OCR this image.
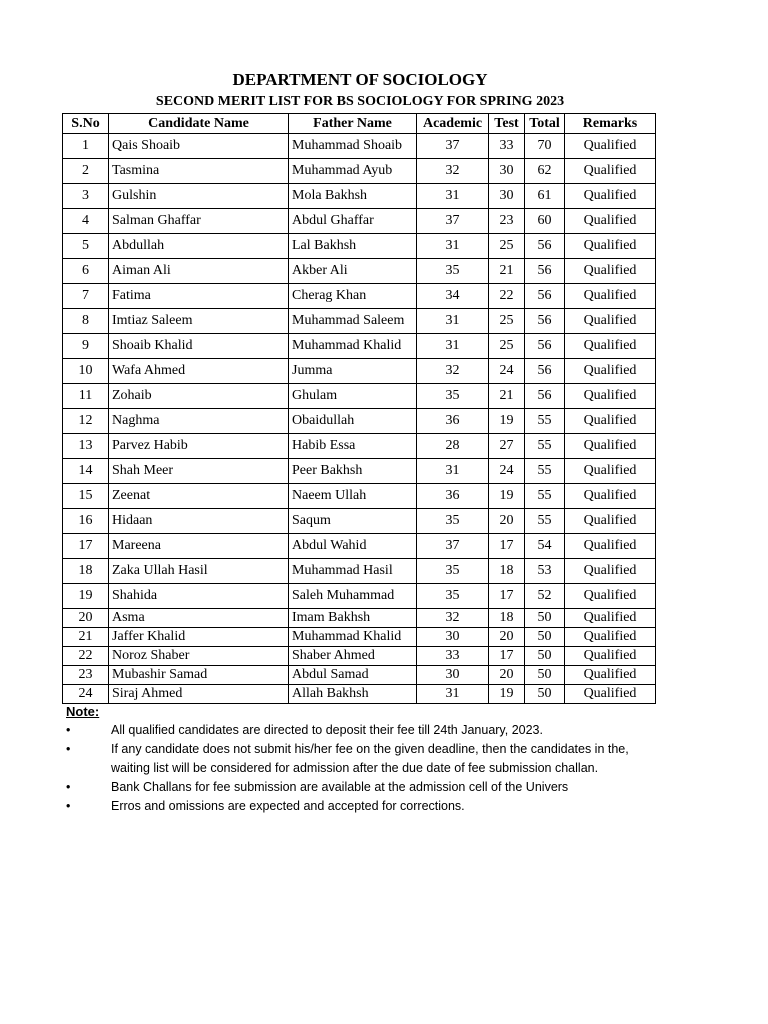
DEPARTMENT OF SOCIOLOGY
SECOND MERIT LIST FOR BS SOCIOLOGY FOR SPRING 2023
S.No	Candidate Name	Father Name	Academic	Test	Total	Remarks
1	Qais Shoaib	Muhammad Shoaib	37	33	70	Qualified
2	Tasmina	Muhammad Ayub	32	30	62	Qualified
3	Gulshin	Mola Bakhsh	31	30	61	Qualified
4	Salman Ghaffar	Abdul Ghaffar	37	23	60	Qualified
5	Abdullah	Lal Bakhsh	31	25	56	Qualified
6	Aiman Ali	Akber Ali	35	21	56	Qualified
7	Fatima	Cherag Khan	34	22	56	Qualified
8	Imtiaz Saleem	Muhammad Saleem	31	25	56	Qualified
9	Shoaib Khalid	Muhammad Khalid	31	25	56	Qualified
10	Wafa Ahmed	Jumma	32	24	56	Qualified
11	Zohaib	Ghulam	35	21	56	Qualified
12	Naghma	Obaidullah	36	19	55	Qualified
13	Parvez Habib	Habib Essa	28	27	55	Qualified
14	Shah Meer	Peer Bakhsh	31	24	55	Qualified
15	Zeenat	Naeem Ullah	36	19	55	Qualified
16	Hidaan	Saqum	35	20	55	Qualified
17	Mareena	Abdul Wahid	37	17	54	Qualified
18	Zaka Ullah Hasil	Muhammad Hasil	35	18	53	Qualified
19	Shahida	Saleh Muhammad	35	17	52	Qualified
20	Asma	Imam Bakhsh	32	18	50	Qualified
21	Jaffer Khalid	Muhammad Khalid	30	20	50	Qualified
22	Noroz Shaber	Shaber Ahmed	33	17	50	Qualified
23	Mubashir Samad	Abdul Samad	30	20	50	Qualified
24	Siraj Ahmed	Allah Bakhsh	31	19	50	Qualified
Note:
•	All qualified candidates are directed to deposit their fee till 24th January, 2023.
•	If any candidate does not submit his/her fee on the given deadline, then the candidates in the,
waiting list will be considered for admission after the due date of fee submission challan.
•	Bank Challans for fee submission are available at the admission cell of the Univers
•	Erros and omissions are expected and accepted for corrections.
